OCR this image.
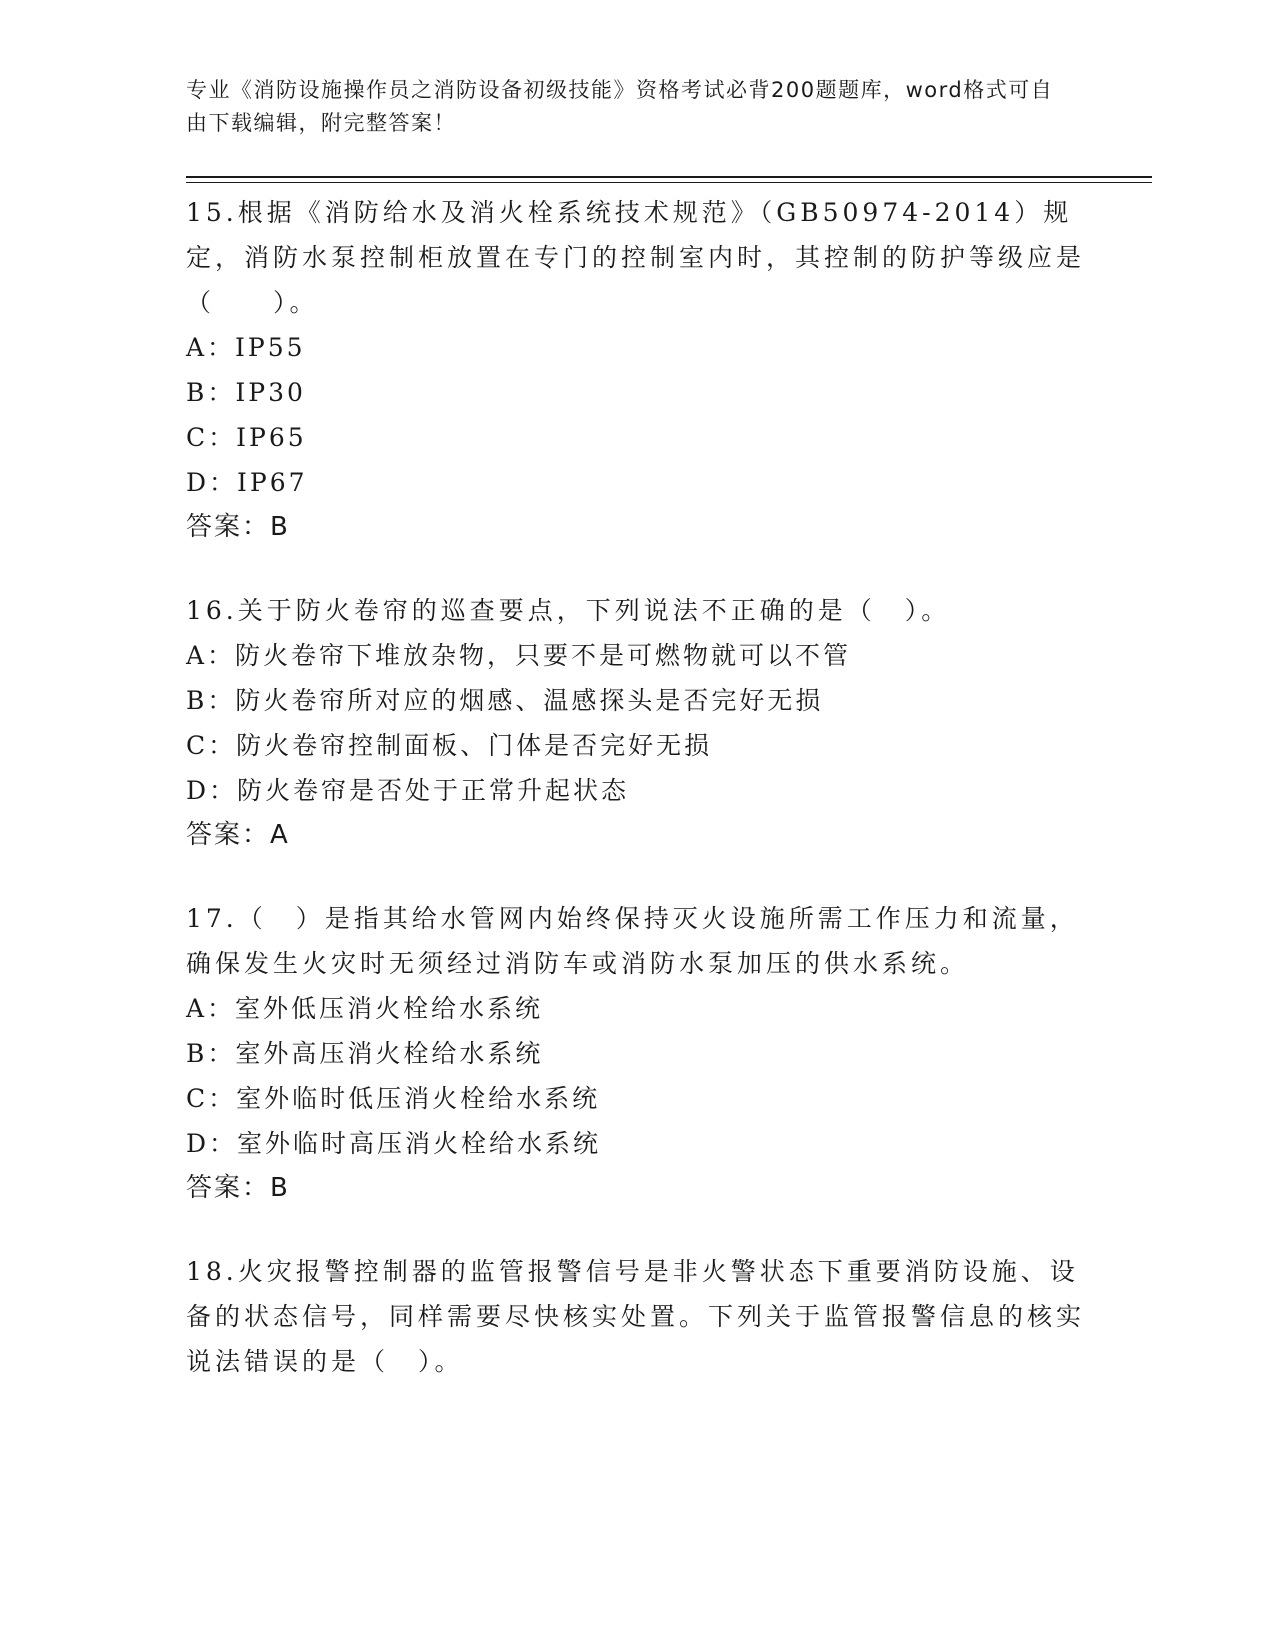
专业《消防设施操作员之消防设备初级技能》资格考试必背200题题库，word格式可自由下载编辑，附完整答案！

15.根据《消防给水及消火栓系统技术规范》（GB50974-2014）规定，消防水泵控制柜放置在专门的控制室内时，其控制的防护等级应是（　　）。

A：IP55

B：IP30

C：IP65

D：IP67

答案：B

16.关于防火卷帘的巡查要点，下列说法不正确的是（　）。

A：防火卷帘下堆放杂物，只要不是可燃物就可以不管

B：防火卷帘所对应的烟感、温感探头是否完好无损

C：防火卷帘控制面板、门体是否完好无损

D：防火卷帘是否处于正常升起状态

答案：A

17.（　）是指其给水管网内始终保持灭火设施所需工作压力和流量，确保发生火灾时无须经过消防车或消防水泵加压的供水系统。

A：室外低压消火栓给水系统

B：室外高压消火栓给水系统

C：室外临时低压消火栓给水系统

D：室外临时高压消火栓给水系统

答案：B

18.火灾报警控制器的监管报警信号是非火警状态下重要消防设施、设备的状态信号，同样需要尽快核实处置。下列关于监管报警信息的核实说法错误的是（　）。
